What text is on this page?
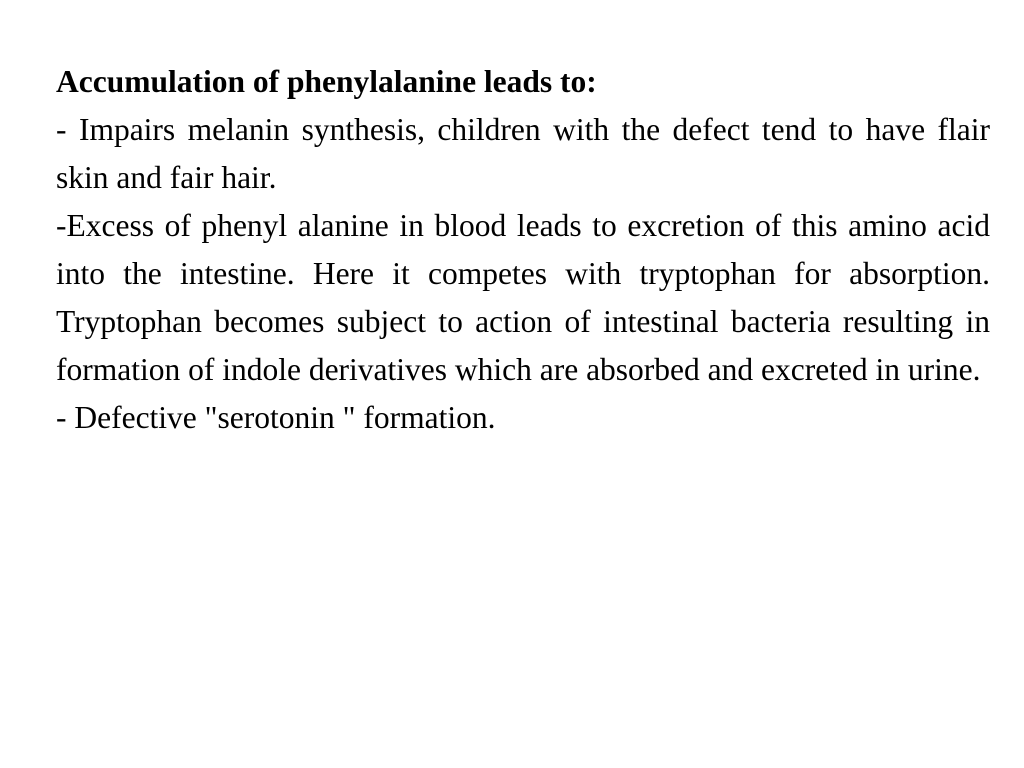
Accumulation of phenylalanine leads to:

- Impairs melanin synthesis, children with the defect tend to have flair skin and fair hair.

-Excess of phenyl alanine in blood leads to excretion of this amino acid into the intestine. Here it competes with tryptophan for absorption. Tryptophan becomes subject to action of intestinal bacteria resulting in formation of indole derivatives which are absorbed and excreted in urine.

- Defective "serotonin " formation.
